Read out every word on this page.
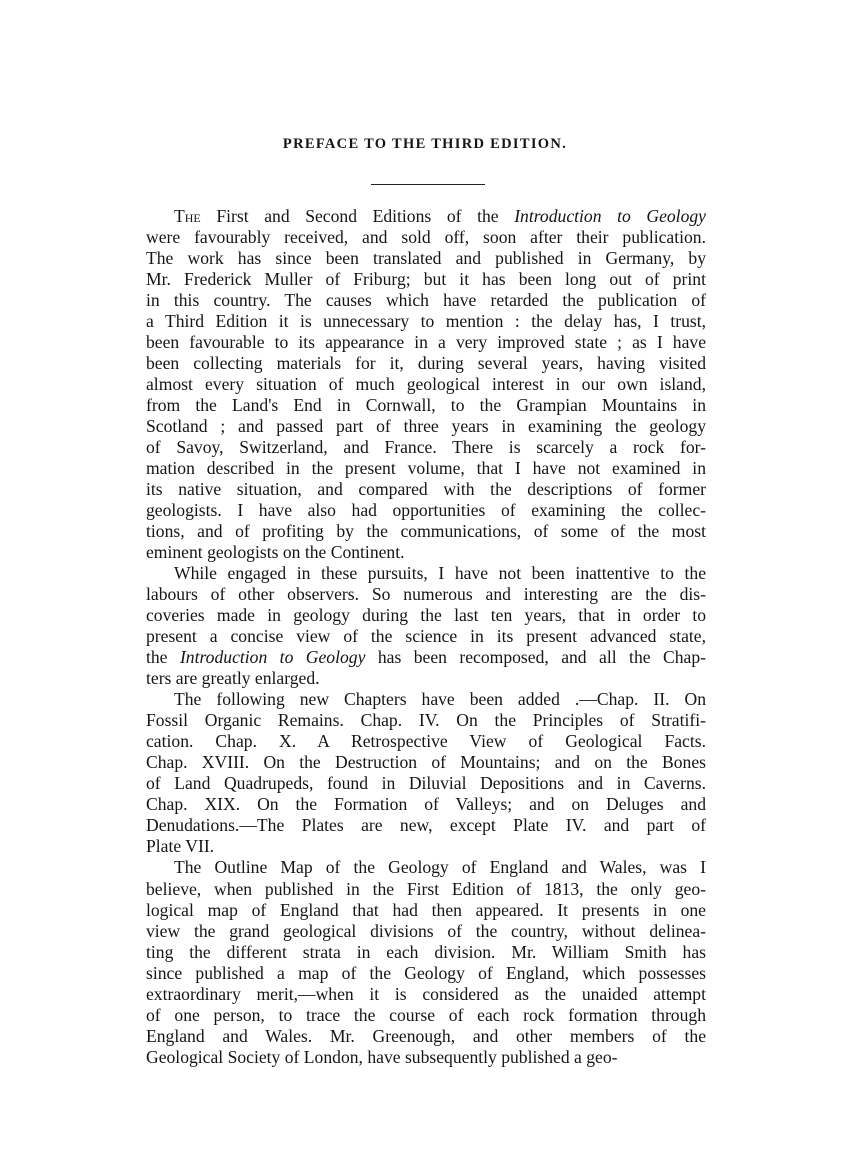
PREFACE TO THE THIRD EDITION.
The First and Second Editions of the Introduction to Geology
were favourably received, and sold off, soon after their publication.
The work has since been translated and published in Germany, by
Mr. Frederick Muller of Friburg; but it has been long out of print
in this country. The causes which have retarded the publication of
a Third Edition it is unnecessary to mention : the delay has, I trust,
been favourable to its appearance in a very improved state ; as I have
been collecting materials for it, during several years, having visited
almost every situation of much geological interest in our own island,
from the Land's End in Cornwall, to the Grampian Mountains in
Scotland ; and passed part of three years in examining the geology
of Savoy, Switzerland, and France. There is scarcely a rock for-
mation described in the present volume, that I have not examined in
its native situation, and compared with the descriptions of former
geologists. I have also had opportunities of examining the collec-
tions, and of profiting by the communications, of some of the most
eminent geologists on the Continent.
While engaged in these pursuits, I have not been inattentive to the
labours of other observers. So numerous and interesting are the dis-
coveries made in geology during the last ten years, that in order to
present a concise view of the science in its present advanced state,
the Introduction to Geology has been recomposed, and all the Chap-
ters are greatly enlarged.
The following new Chapters have been added .—Chap. II. On
Fossil Organic Remains. Chap. IV. On the Principles of Stratifi-
cation. Chap. X. A Retrospective View of Geological Facts.
Chap. XVIII. On the Destruction of Mountains; and on the Bones
of Land Quadrupeds, found in Diluvial Depositions and in Caverns.
Chap. XIX. On the Formation of Valleys; and on Deluges and
Denudations.—The Plates are new, except Plate IV. and part of
Plate VII.
The Outline Map of the Geology of England and Wales, was I
believe, when published in the First Edition of 1813, the only geo-
logical map of England that had then appeared. It presents in one
view the grand geological divisions of the country, without delinea-
ting the different strata in each division. Mr. William Smith has
since published a map of the Geology of England, which possesses
extraordinary merit,—when it is considered as the unaided attempt
of one person, to trace the course of each rock formation through
England and Wales. Mr. Greenough, and other members of the
Geological Society of London, have subsequently published a geo-
